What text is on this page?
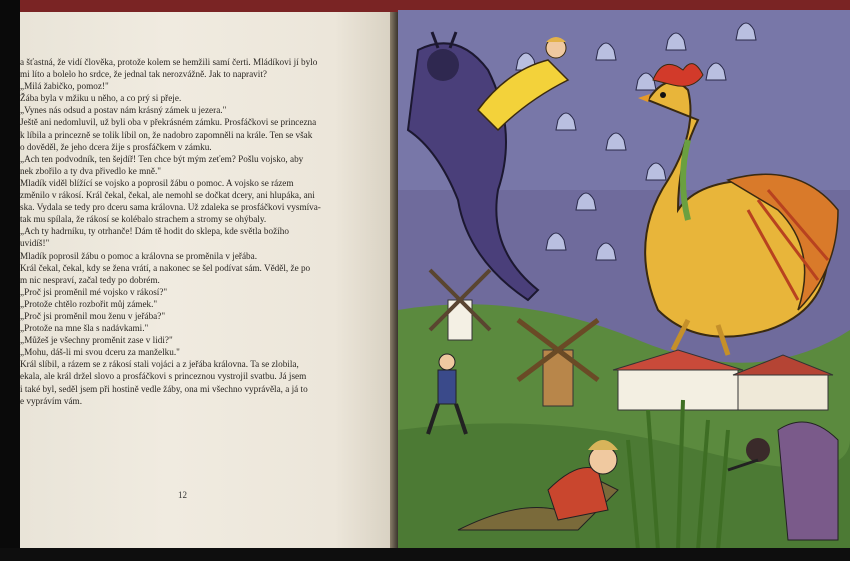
a šťastná, že vidí člověka, protože kolem se hemžili samí čerti. Mládíkovi jí bylo
mi líto a bolelo ho srdce, že jednal tak nerozvážně. Jak to napravit?
„Milá žabičko, pomoz!"
Žába byla v mžiku u něho, a co prý si přeje.
„Vynes nás odsud a postav nám krásný zámek u jezera."
Ještě ani nedomluvil, už byli oba v překrásném zámku. Prosfáčkovi se princezna
k líbila a princezně se tolik líbil on, že nadobro zapomněli na krále. Ten se však
o dověděl, že jeho dcera žije s prosfáčkem v zámku.
„Ach ten podvodník, ten šejdíř! Ten chce být mým zeťem? Pošlu vojsko, aby
nek zbořilo a ty dva přivedlo ke mně."
Mladík viděl blížící se vojsko a poprosil žábu o pomoc. A vojsko se rázem
změnilo v rákosí. Král čekal, čekal, ale nemohl se dočkat dcery, ani hlupáka, ani
ska. Vydala se tedy pro dceru sama královna. Už zdaleka se prosfáčkovi vysmíva-
tak mu spílala, že rákosí se kolébalo strachem a stromy se ohýbaly.
„Ach ty hadrníku, ty otrhanče! Dám tě hodit do sklepa, kde světla božího
uvidíš!"
Mladík poprosil žábu o pomoc a královna se proměnila v jeřába.
Král čekal, čekal, kdy se žena vrátí, a nakonec se šel podívat sám. Věděl, že po
m nic nespraví, začal tedy po dobrém.
„Proč jsi proměnil mé vojsko v rákosí?"
„Protože chtělo rozbořit můj zámek."
„Proč jsi proměnil mou ženu v jeřába?"
„Protože na mne šla s nadávkami."
„Můžeš je všechny proměnit zase v lidi?"
„Mohu, dáš-li mi svou dceru za manželku."
Král slíbil, a rázem se z rákosí stali vojáci a z jeřába královna. Ta se zlobila,
ekala, ale král držel slovo a prosfáčkovi s princeznou vystrojil svatbu. Já jsem
i také byl, seděl jsem při hostině vedle žáby, ona mi všechno vyprávěla, a já to
e vyprávím vám.
12
